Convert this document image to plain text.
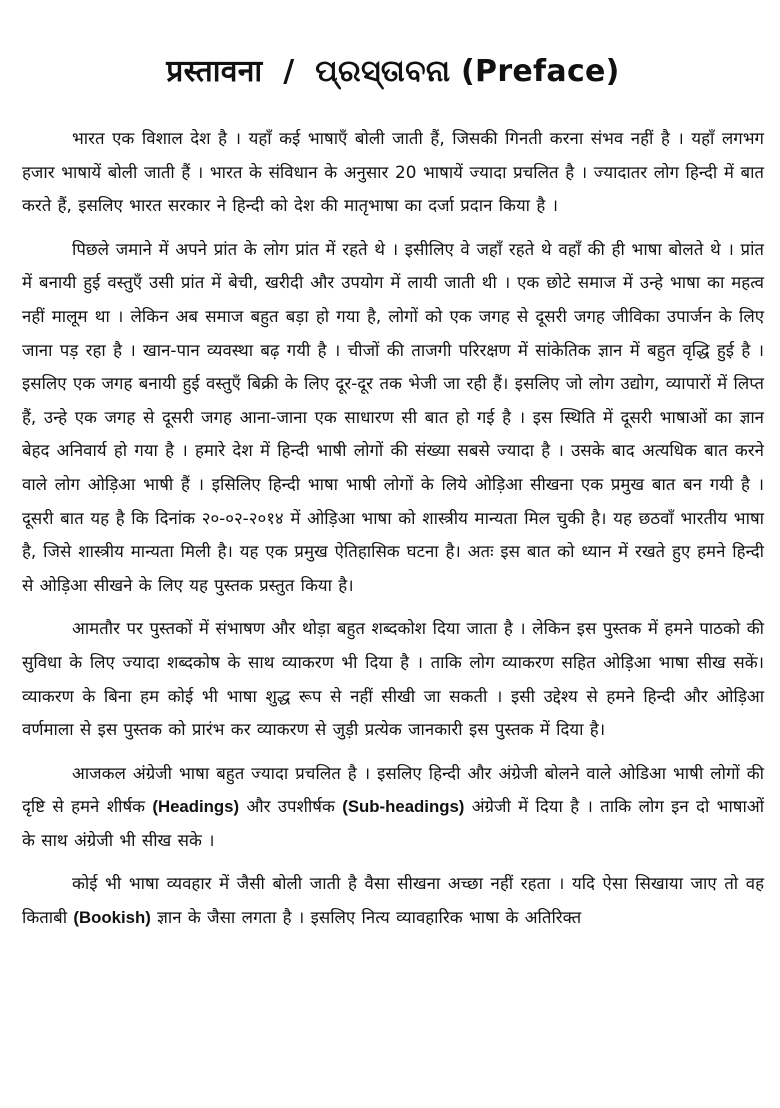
प्रस्तावना / ପ୍ରସ୍ତାବନା (Preface)

भारत एक विशाल देश है । यहाँ कई भाषाएँ बोली जाती हैं, जिसकी गिनती करना संभव नहीं है । यहाँ लगभग हजार भाषायें बोली जाती हैं । भारत के संविधान के अनुसार 20 भाषायें ज्यादा प्रचलित है । ज्यादातर लोग हिन्दी में बात करते हैं, इसलिए भारत सरकार ने हिन्दी को देश की मातृभाषा का दर्जा प्रदान किया है ।

पिछले जमाने में अपने प्रांत के लोग प्रांत में रहते थे । इसीलिए वे जहाँ रहते थे वहाँ की ही भाषा बोलते थे । प्रांत में बनायी हुई वस्तुएँ उसी प्रांत में बेची, खरीदी और उपयोग में लायी जाती थी । एक छोटे समाज में उन्हे भाषा का महत्व नहीं मालूम था । लेकिन अब समाज बहुत बड़ा हो गया है, लोगों को एक जगह से दूसरी जगह जीविका उपार्जन के लिए जाना पड़ रहा है । खान-पान व्यवस्था बढ़ गयी है । चीजों की ताजगी परिरक्षण में सांकेतिक ज्ञान में बहुत वृद्धि हुई है । इसलिए एक जगह बनायी हुई वस्तुएँ बिक्री के लिए दूर-दूर तक भेजी जा रही हैं। इसलिए जो लोग उद्योग, व्यापारों में लिप्त हैं, उन्हे एक जगह से दूसरी जगह आना-जाना एक साधारण सी बात हो गई है । इस स्थिति में दूसरी भाषाओं का ज्ञान बेहद अनिवार्य हो गया है । हमारे देश में हिन्दी भाषी लोगों की संख्या सबसे ज्यादा है । उसके बाद अत्यधिक बात करने वाले लोग ओड़िआ भाषी हैं । इसिलिए हिन्दी भाषा भाषी लोगों के लिये ओड़िआ सीखना एक प्रमुख बात बन गयी है । दूसरी बात यह है कि दिनांक २०-०२-२०१४ में ओड़िआ भाषा को शास्त्रीय मान्यता मिल चुकी है। यह छठवाँ भारतीय भाषा है, जिसे शास्त्रीय मान्यता मिली है। यह एक प्रमुख ऐतिहासिक घटना है। अतः इस बात को ध्यान में रखते हुए हमने हिन्दी से ओड़िआ सीखने के लिए यह पुस्तक प्रस्तुत किया है।

आमतौर पर पुस्तकों में संभाषण और थोड़ा बहुत शब्दकोश दिया जाता है । लेकिन इस पुस्तक में हमने पाठको की सुविधा के लिए ज्यादा शब्दकोष के साथ व्याकरण भी दिया है । ताकि लोग व्याकरण सहित ओड़िआ भाषा सीख सकें। व्याकरण के बिना हम कोई भी भाषा शुद्ध रूप से नहीं सीखी जा सकती । इसी उद्देश्य से हमने हिन्दी और ओड़िआ वर्णमाला से इस पुस्तक को प्रारंभ कर व्याकरण से जुड़ी प्रत्येक जानकारी इस पुस्तक में दिया है।

आजकल अंग्रेजी भाषा बहुत ज्यादा प्रचलित है । इसलिए हिन्दी और अंग्रेजी बोलने वाले ओडिआ भाषी लोगों की दृष्टि से हमने शीर्षक (Headings) और उपशीर्षक (Sub-headings) अंग्रेजी में दिया है । ताकि लोग इन दो भाषाओं के साथ अंग्रेजी भी सीख सके ।

कोई भी भाषा व्यवहार में जैसी बोली जाती है वैसा सीखना अच्छा नहीं रहता । यदि ऐसा सिखाया जाए तो वह किताबी (Bookish) ज्ञान के जैसा लगता है । इसलिए नित्य व्यावहारिक भाषा के अतिरिक्त
